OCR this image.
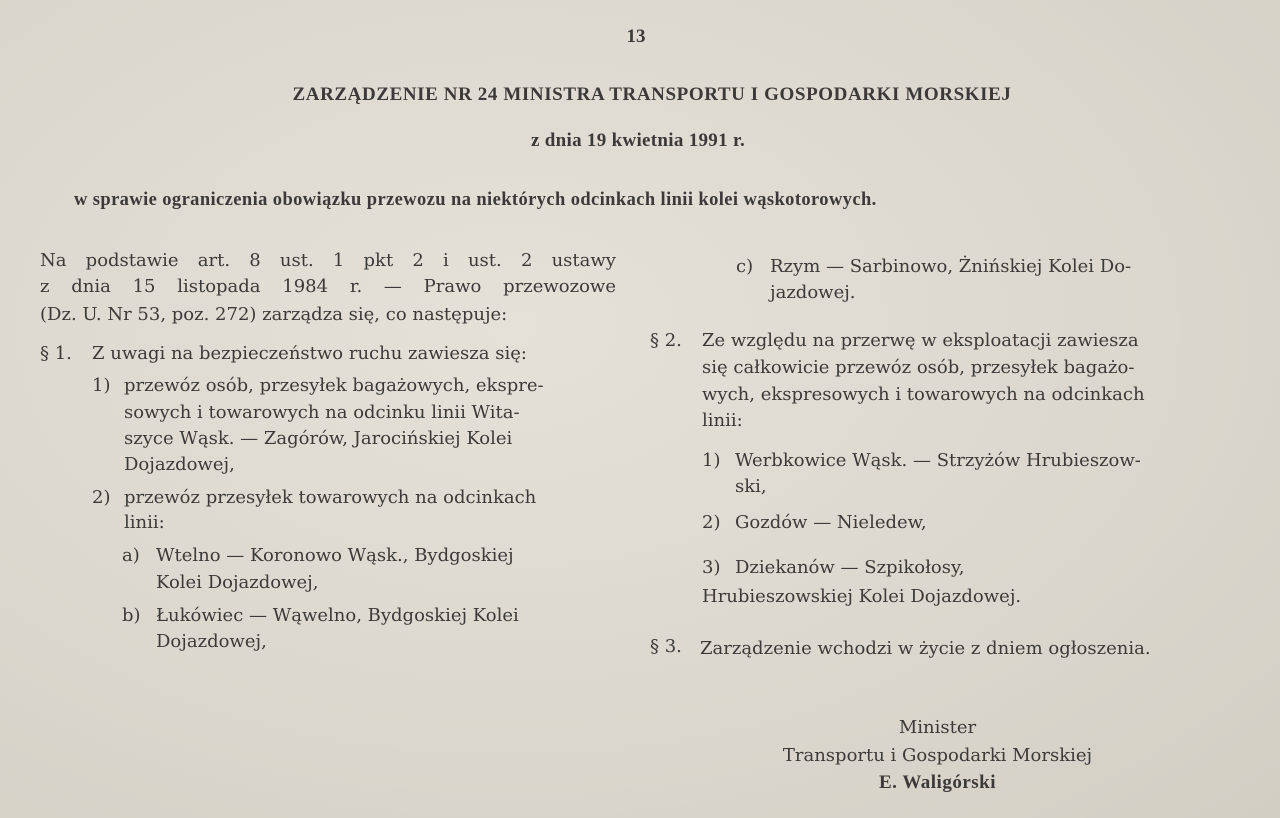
13
ZARZĄDZENIE NR 24 MINISTRA TRANSPORTU I GOSPODARKI MORSKIEJ
z dnia 19 kwietnia 1991 r.
w sprawie ograniczenia obowiązku przewozu na niektórych odcinkach linii kolei wąskotorowych.
Na podstawie art. 8 ust. 1 pkt 2 i ust. 2 ustawy
z dnia 15 listopada 1984 r. — Prawo przewozowe
(Dz. U. Nr 53, poz. 272) zarządza się, co następuje:
§ 1. Z uwagi na bezpieczeństwo ruchu zawiesza się:
1) przewóz osób, przesyłek bagażowych, ekspre-
sowych i towarowych na odcinku linii Wita-
szyce Wąsk. — Zagórów, Jarocińskiej Kolei
Dojazdowej,
2) przewóz przesyłek towarowych na odcinkach
linii:
a) Wtelno — Koronowo Wąsk., Bydgoskiej
Kolei Dojazdowej,
b) Łukówiec — Wąwelno, Bydgoskiej Kolei
Dojazdowej,
c) Rzym — Sarbinowo, Żnińskiej Kolei Do-
jazdowej.
§ 2. Ze względu na przerwę w eksploatacji zawiesza
się całkowicie przewóz osób, przesyłek bagażo-
wych, ekspresowych i towarowych na odcinkach
linii:
1) Werbkowice Wąsk. — Strzyżów Hrubieszow-
ski,
2) Gozdów — Nieledew,
3) Dziekanów — Szpikołosy,
Hrubieszowskiej Kolei Dojazdowej.
§ 3. Zarządzenie wchodzi w życie z dniem ogłoszenia.
Minister
Transportu i Gospodarki Morskiej
E. Waligórski
